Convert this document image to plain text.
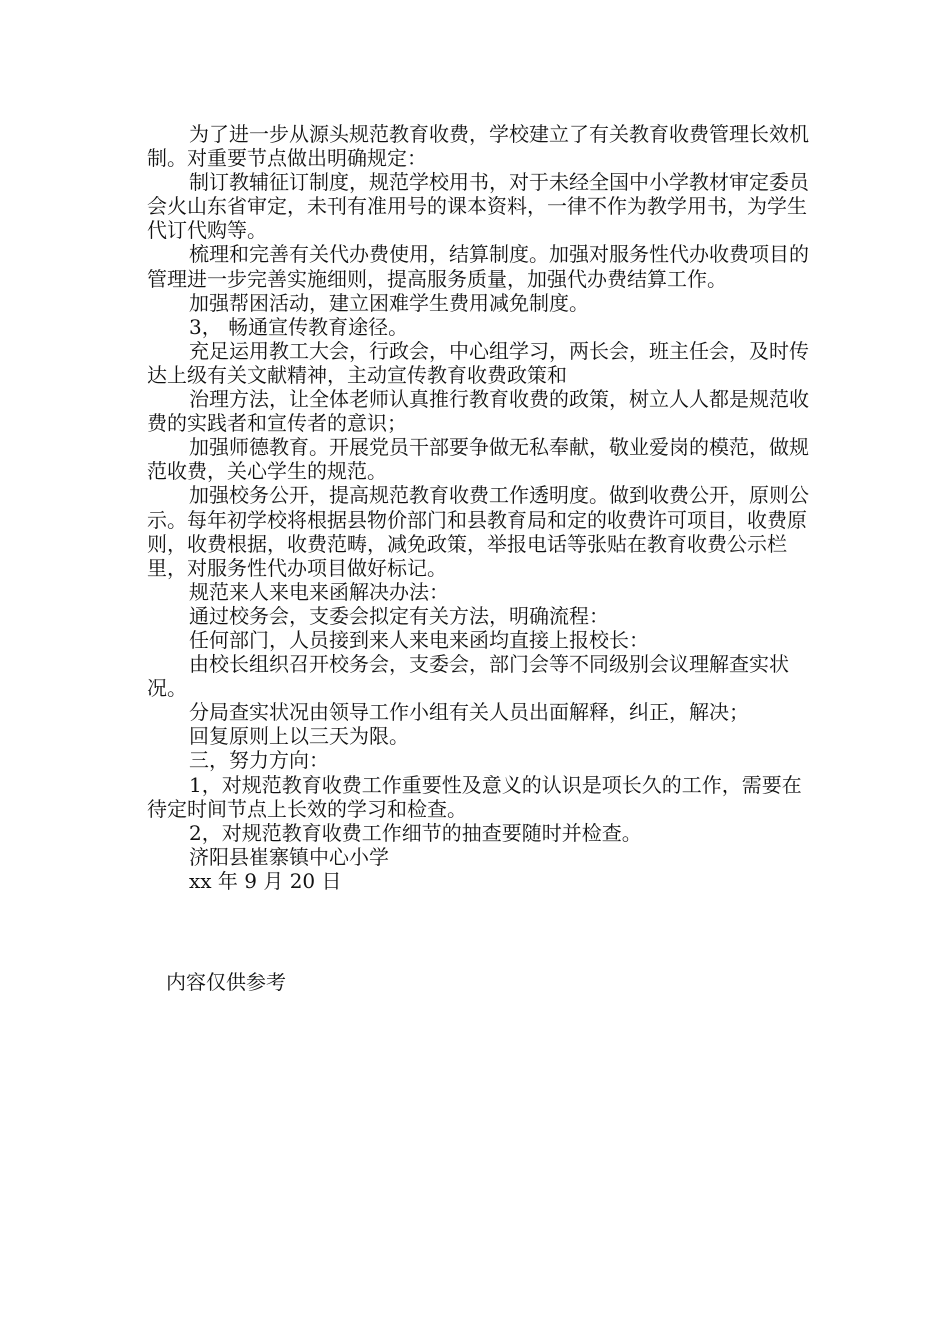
为了进一步从源头规范教育收费，学校建立了有关教育收费管理长效机制。对重要节点做出明确规定：

制订教辅征订制度，规范学校用书，对于未经全国中小学教材审定委员会火山东省审定，未刊有准用号的课本资料，一律不作为教学用书，为学生代订代购等。

梳理和完善有关代办费使用，结算制度。加强对服务性代办收费项目的管理进一步完善实施细则，提高服务质量，加强代办费结算工作。

加强帮困活动，建立困难学生费用减免制度。

3， 畅通宣传教育途径。

充足运用教工大会，行政会，中心组学习，两长会，班主任会，及时传达上级有关文献精神，主动宣传教育收费政策和

治理方法，让全体老师认真推行教育收费的政策，树立人人都是规范收费的实践者和宣传者的意识；

加强师德教育。开展党员干部要争做无私奉献，敬业爱岗的模范，做规范收费，关心学生的规范。

加强校务公开，提高规范教育收费工作透明度。做到收费公开，原则公示。每年初学校将根据县物价部门和县教育局和定的收费许可项目，收费原则，收费根据，收费范畴，减免政策，举报电话等张贴在教育收费公示栏里，对服务性代办项目做好标记。

规范来人来电来函解决办法：

通过校务会，支委会拟定有关方法，明确流程：

任何部门，人员接到来人来电来函均直接上报校长：

由校长组织召开校务会，支委会，部门会等不同级别会议理解查实状况。

分局查实状况由领导工作小组有关人员出面解释，纠正，解决；

回复原则上以三天为限。

三，努力方向：

1，对规范教育收费工作重要性及意义的认识是项长久的工作，需要在待定时间节点上长效的学习和检查。

2，对规范教育收费工作细节的抽查要随时并检查。

济阳县崔寨镇中心小学

xx 年 9 月 20 日

内容仅供参考
